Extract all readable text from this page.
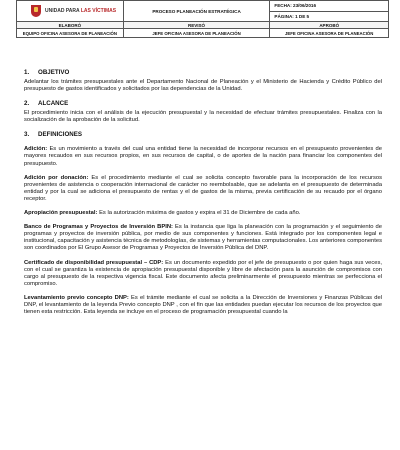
UNIDAD PARA LAS VÍCTIMAS	PROCESO PLANEACIÓN ESTRATÉGICA	FECHA: 23/06/2016
		PÁGINA: 1 DE 5
ELABORÓ	REVISÓ	APROBÓ
EQUIPO OFICINA ASESORA DE PLANEACIÓN	JEFE OFICINA ASESORA DE PLANEACIÓN	JEFE OFICINA ASESORA DE PLANEACIÓN
1.	OBJETIVO

Adelantar los trámites presupuestales ante el Departamento Nacional de Planeación y el Ministerio de Hacienda y Crédito Público del presupuesto de gastos identificados y solicitados por las dependencias de la Unidad.

2.	ALCANCE

El procedimiento inicia con el análisis de la ejecución presupuestal y la necesidad de efectuar trámites presupuestales. Finaliza con la socialización de la aprobación de la solicitud.

3.	DEFINICIONES

Adición: Es un movimiento a través del cual una entidad tiene la necesidad de incorporar recursos en el presupuesto provenientes de mayores recaudos en sus recursos propios, en sus recursos de capital, o de aportes de la nación para financiar los componentes del presupuesto.

Adición por donación: Es el procedimiento mediante el cual se solicita concepto favorable para la incorporación de los recursos provenientes de asistencia o cooperación internacional de carácter no reembolsable, que se adelanta en el presupuesto de determinada entidad y por la cual se adiciona el presupuesto de rentas y el de gastos de la misma, previa certificación de su recaudo por el órgano receptor.

Apropiación presupuestal: Es la autorización máxima de gastos y expira el 31 de Diciembre de cada año.

Banco de Programas y Proyectos de Inversión BPIN: Es la instancia que liga la planeación con la programación y el seguimiento de programas y proyectos de inversión pública, por medio de sus componentes y funciones. Está integrado por los componentes legal e institucional, capacitación y asistencia técnica de metodologías, de sistemas y herramientas computacionales. Los anteriores componentes son coordinados por El Grupo Asesor de Programas y Proyectos de Inversión Pública del DNP.

Certificado de disponibilidad presupuestal – CDP: Es un documento expedido por el jefe de presupuesto o por quien haga sus veces, con el cual se garantiza la existencia de apropiación presupuestal disponible y libre de afectación para la asunción de compromisos con cargo al presupuesto de la respectiva vigencia fiscal. Este documento afecta preliminarmente el presupuesto mientras se perfecciona el compromiso.

Levantamiento previo concepto DNP: Es el trámite mediante el cual se solicita a la Dirección de Inversiones y Finanzas Públicas del DNP, el levantamiento de la leyenda Previo concepto DNP , con el fin que las entidades puedan ejecutar los recursos de los proyectos que tienen esta restricción. Esta leyenda se incluye en el proceso de programación presupuestal cuando la
